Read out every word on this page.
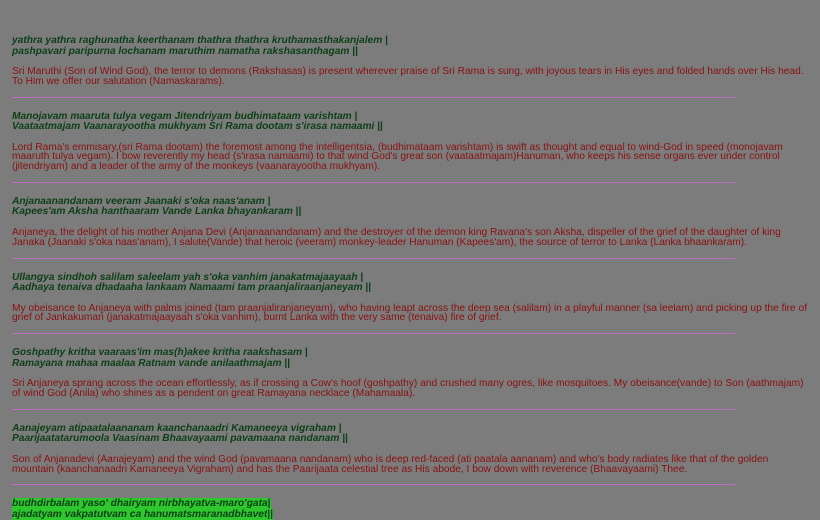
yathra yathra raghunatha keerthanam thathra thathra kruthamasthakanjalem |

pashpavari paripurna lochanam maruthim namatha rakshasanthagam ||

Sri Maruthi (Son of Wind God), the terror to demons (Rakshasas) is present wherever praise of Sri Rama is sung, with joyous tears in His eyes and folded hands over His head. To Him we offer our salutation (Namaskarams).

Manojavam maaruta tulya vegam Jitendriyam budhimataam varishtam |

Vaataatmajam Vaanarayootha mukhyam Sri Rama dootam s'irasa namaami ||

Lord Rama's emmisary,(sri Rama dootam) the foremost among the intelligentsia, (budhimataam varishtam) is swift as thought and equal to wind-God in speed (monojavam maaruth tulya vegam). I bow reverently my head (s'irasa namaami) to that wind God's great son (vaataatmajam)Hanuman, who keeps his sense organs ever under control (jitendriyam) and a leader of the army of the monkeys (vaanarayootha mukhyam).

Anjanaanandanam veeram Jaanaki s'oka naas'anam |

Kapees'am Aksha hanthaaram Vande Lanka bhayankaram ||

Anjaneya, the delight of his mother Anjana Devi (Anjanaanandanam) and the destroyer of the demon king Ravana's son Aksha, dispeller of the grief of the daughter of king Janaka (Jaanaki s'oka naas'anam), I salute(Vande) that heroic (veeram) monkey-leader Hanuman (Kapees'am), the source of terror to Lanka (Lanka bhaankaram).

Ullangya sindhoh salilam saleelam yah s'oka vanhim janakatmajaayaah |

Aadhaya tenaiva dhadaaha lankaam Namaami tam praanjaliraanjaneyam ||

My obeisance to Anjaneya with palms joined (tam praanjaliranjaneyam), who having leapt across the deep sea (salilam) in a playful manner (sa leelam) and picking up the fire of grief of Jankakumari (janakatmajaayaah s'oka vanhim), burnt Lanka with the very same (tenaiva) fire of grief.

Goshpathy kritha vaaraas'im mas(h)akee kritha raakshasam |

Ramayana mahaa maalaa Ratnam vande anilaathmajam ||

Sri Anjaneya sprang across the ocean effortlessly, as if crossing a Cow's hoof (goshpathy) and crushed many ogres, like mosquitoes. My obeisance(vande) to Son (aathmajam) of wind God (Anila) who shines as a pendent on great Ramayana necklace (Mahamaala).

Aanajeyam atipaatalaananam kaanchanaadri Kamaneeya vigraham |

Paarijaatatarumoola Vaasinam Bhaavayaami pavamaana nandanam ||

Son of Anjanadevi (Aanajeyam) and the wind God (pavamaana nandanam) who is deep red-faced (ati paatala aananam) and who's body radiates like that of the golden mountain (kaanchanaadri Kamaneeya Vigraham) and has the Paarijaata celestial tree as His abode, I bow down with reverence (Bhaavayaami) Thee.

budhdirbalam yaso' dhairyam nirbhayatva-maro'gata|

ajadatyam vakpatutvam ca hanumatsmaranadbhavet||
